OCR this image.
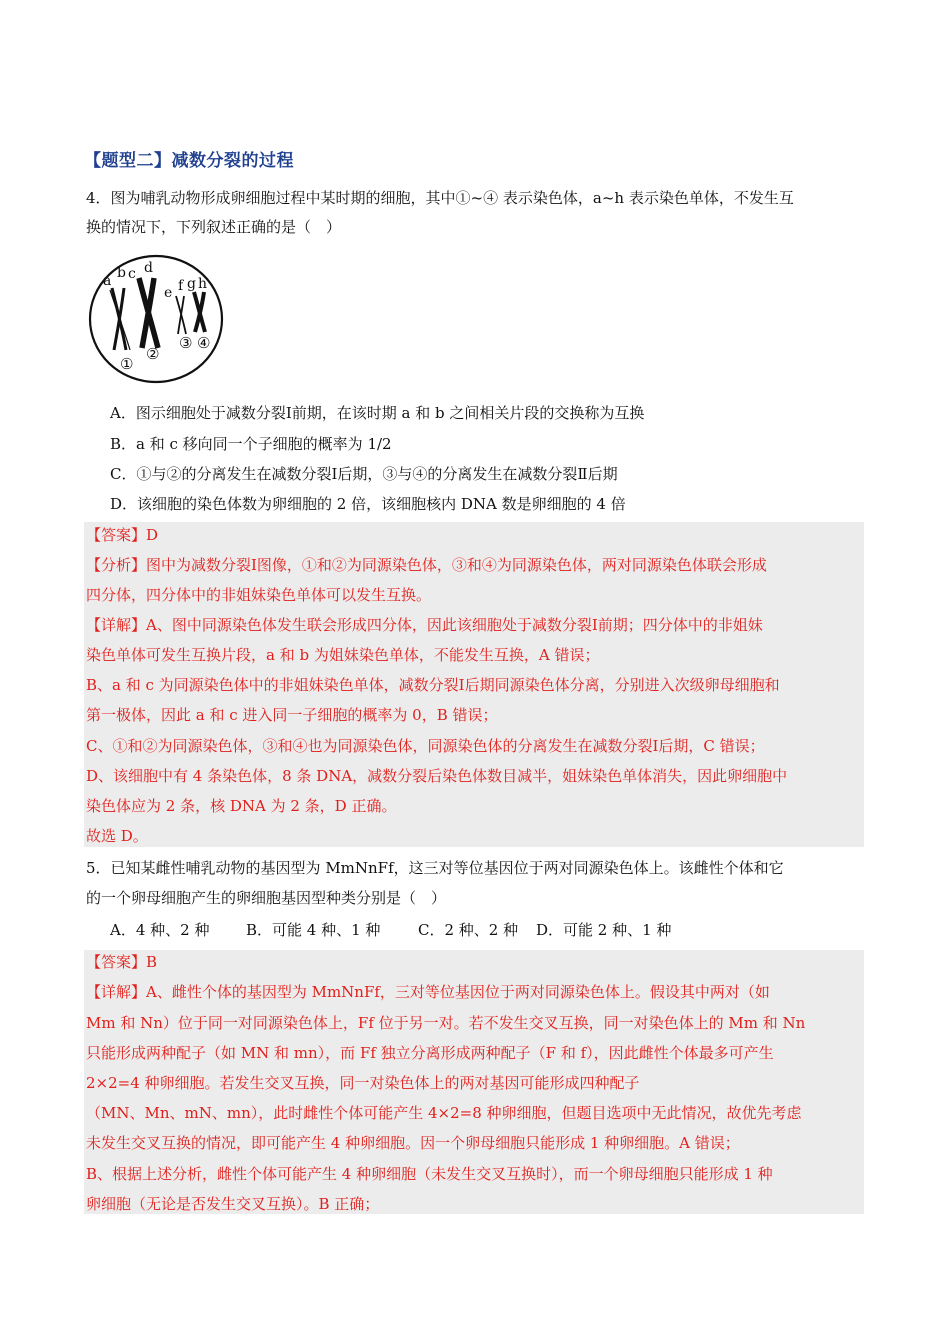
【题型二】减数分裂的过程
4．图为哺乳动物形成卵细胞过程中某时期的细胞，其中①~④ 表示染色体，a~h 表示染色单体，不发生互
换的情况下，下列叙述正确的是（　）
a b c d
e f g h
①
②
③ ④
A．图示细胞处于减数分裂Ⅰ前期，在该时期 a 和 b 之间相关片段的交换称为互换
B．a 和 c 移向同一个子细胞的概率为 1/2
C．①与②的分离发生在减数分裂Ⅰ后期，③与④的分离发生在减数分裂Ⅱ后期
D．该细胞的染色体数为卵细胞的 2 倍，该细胞核内 DNA 数是卵细胞的 4 倍
【答案】D
【分析】图中为减数分裂Ⅰ图像，①和②为同源染色体，③和④为同源染色体，两对同源染色体联会形成
四分体，四分体中的非姐妹染色单体可以发生互换。
【详解】A、图中同源染色体发生联会形成四分体，因此该细胞处于减数分裂Ⅰ前期；四分体中的非姐妹
染色单体可发生互换片段，a 和 b 为姐妹染色单体，不能发生互换，A 错误；
B、a 和 c 为同源染色体中的非姐妹染色单体，减数分裂Ⅰ后期同源染色体分离，分别进入次级卵母细胞和
第一极体，因此 a 和 c 进入同一子细胞的概率为 0，B 错误；
C、①和②为同源染色体，③和④也为同源染色体，同源染色体的分离发生在减数分裂Ⅰ后期，C 错误；
D、该细胞中有 4 条染色体，8 条 DNA，减数分裂后染色体数目减半，姐妹染色单体消失，因此卵细胞中
染色体应为 2 条，核 DNA 为 2 条，D 正确。
故选 D。
5．已知某雌性哺乳动物的基因型为 MmNnFf，这三对等位基因位于两对同源染色体上。该雌性个体和它
的一个卵母细胞产生的卵细胞基因型种类分别是（　）
A．4 种、2 种 B．可能 4 种、1 种	C．2 种、2 种 D．可能 2 种、1 种
【答案】B
【详解】A、雌性个体的基因型为 MmNnFf，三对等位基因位于两对同源染色体上。假设其中两对（如
Mm 和 Nn）位于同一对同源染色体上，Ff 位于另一对。若不发生交叉互换，同一对染色体上的 Mm 和 Nn
只能形成两种配子（如 MN 和 mn），而 Ff 独立分离形成两种配子（F 和 f），因此雌性个体最多可产生
2×2=4 种卵细胞。若发生交叉互换，同一对染色体上的两对基因可能形成四种配子
（MN、Mn、mN、mn），此时雌性个体可能产生 4×2=8 种卵细胞，但题目选项中无此情况，故优先考虑
未发生交叉互换的情况，即可能产生 4 种卵细胞。因一个卵母细胞只能形成 1 种卵细胞。A 错误；
B、根据上述分析，雌性个体可能产生 4 种卵细胞（未发生交叉互换时），而一个卵母细胞只能形成 1 种
卵细胞（无论是否发生交叉互换）。B 正确；
